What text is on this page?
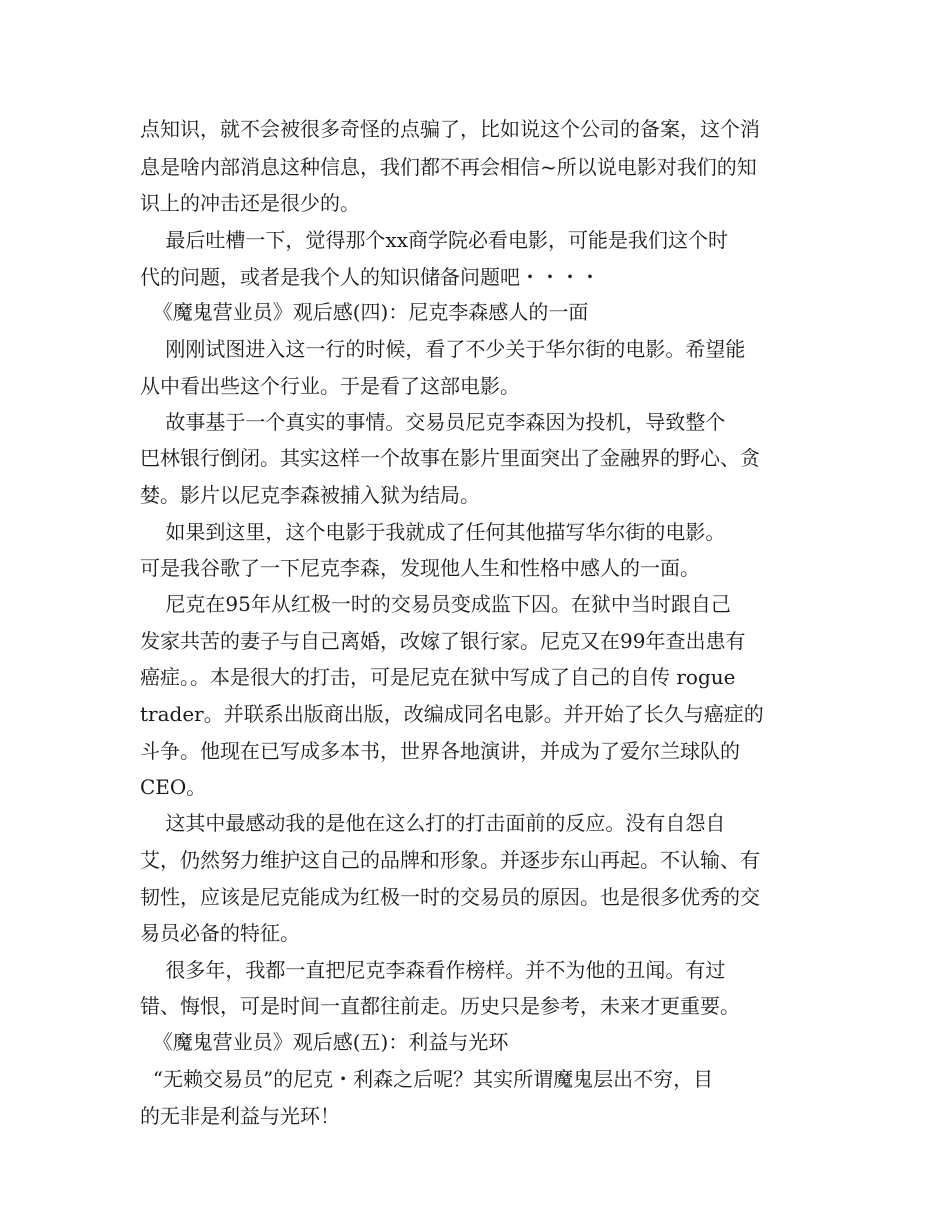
点知识，就不会被很多奇怪的点骗了，比如说这个公司的备案，这个消
息是啥内部消息这种信息，我们都不再会相信~所以说电影对我们的知
识上的冲击还是很少的。
最后吐槽一下，觉得那个xx商学院必看电影，可能是我们这个时
代的问题，或者是我个人的知识储备问题吧・・・・
《魔鬼营业员》观后感(四)：尼克李森感人的一面
刚刚试图进入这一行的时候，看了不少关于华尔街的电影。希望能
从中看出些这个行业。于是看了这部电影。
故事基于一个真实的事情。交易员尼克李森因为投机，导致整个
巴林银行倒闭。其实这样一个故事在影片里面突出了金融界的野心、贪
婪。影片以尼克李森被捕入狱为结局。
如果到这里，这个电影于我就成了任何其他描写华尔街的电影。
可是我谷歌了一下尼克李森，发现他人生和性格中感人的一面。
尼克在95年从红极一时的交易员变成监下囚。在狱中当时跟自己
发家共苦的妻子与自己离婚，改嫁了银行家。尼克又在99年查出患有
癌症。。本是很大的打击，可是尼克在狱中写成了自己的自传 rogue
trader。并联系出版商出版，改编成同名电影。并开始了长久与癌症的
斗争。他现在已写成多本书，世界各地演讲，并成为了爱尔兰球队的
CEO。
这其中最感动我的是他在这么打的打击面前的反应。没有自怨自
艾，仍然努力维护这自己的品牌和形象。并逐步东山再起。不认输、有
韧性，应该是尼克能成为红极一时的交易员的原因。也是很多优秀的交
易员必备的特征。
很多年，我都一直把尼克李森看作榜样。并不为他的丑闻。有过
错、悔恨，可是时间一直都往前走。历史只是参考，未来才更重要。
《魔鬼营业员》观后感(五)：利益与光环
“无赖交易员”的尼克・利森之后呢？其实所谓魔鬼层出不穷，目
的无非是利益与光环！
